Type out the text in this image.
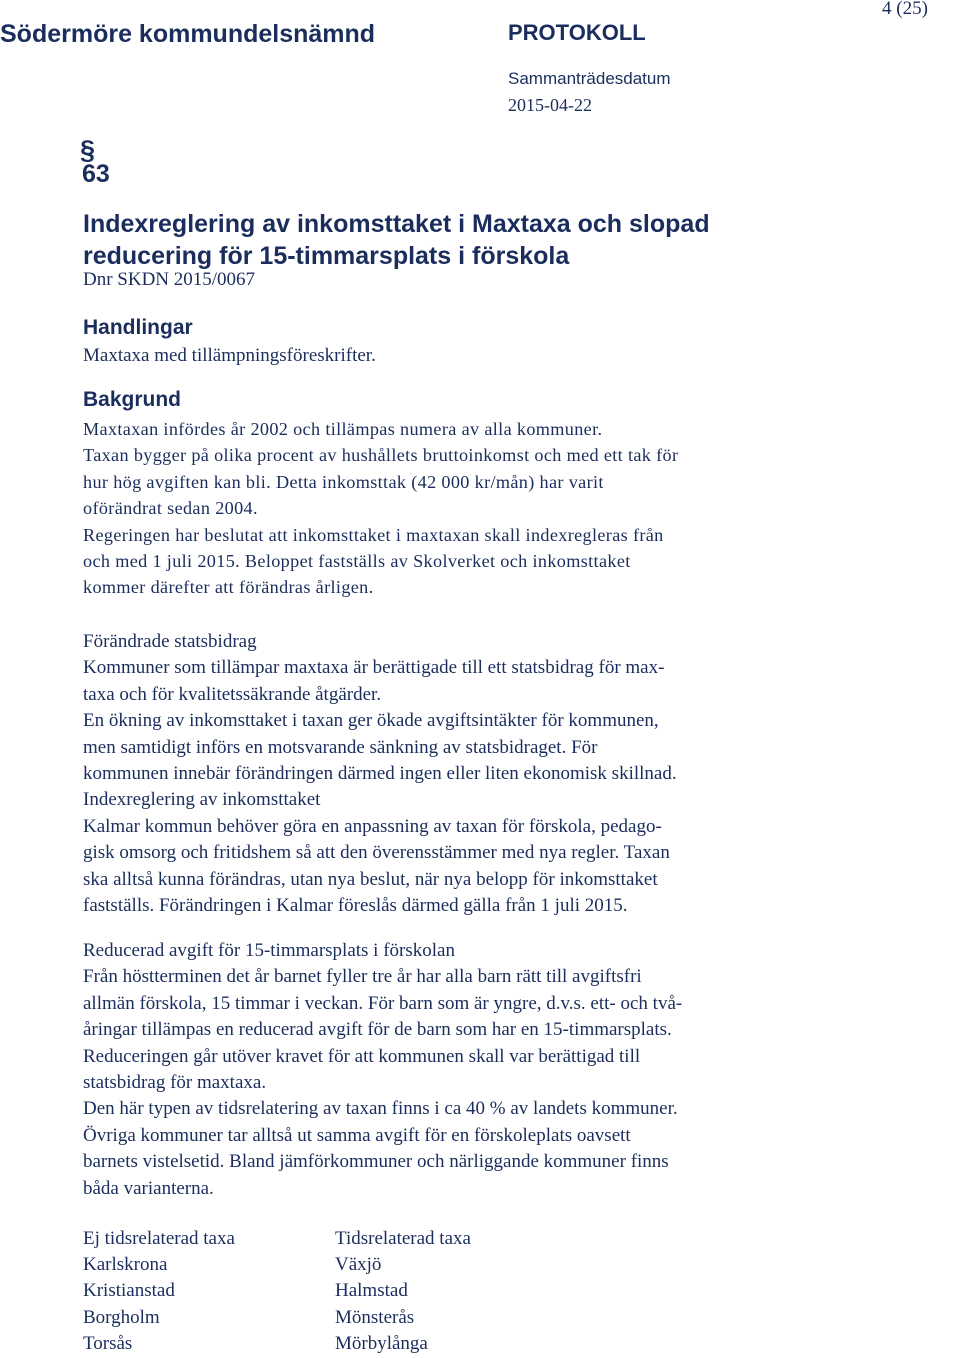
Södermöre kommundelsnämnd	PROTOKOLL
Sammanträdesdatum
2015-04-22
4 (25)
§
63
Indexreglering av inkomsttaket i Maxtaxa och slopad
reducering för 15-timmarsplats i förskola
Dnr SKDN 2015/0067
Handlingar
Maxtaxa med tillämpningsföreskrifter.
Bakgrund
Maxtaxan infördes år 2002 och tillämpas numera av alla kommuner.
Taxan bygger på olika procent av hushållets bruttoinkomst och med ett tak för
hur hög avgiften kan bli. Detta inkomsttak (42 000 kr/mån) har varit
oförändrat sedan 2004.
Regeringen har beslutat att inkomsttaket i maxtaxan skall indexregleras från
och med 1 juli 2015. Beloppet fastställs av Skolverket och inkomsttaket
kommer därefter att förändras årligen.
Förändrade statsbidrag
Kommuner som tillämpar maxtaxa är berättigade till ett statsbidrag för max-
taxa och för kvalitetssäkrande åtgärder.
En ökning av inkomsttaket i taxan ger ökade avgiftsintäkter för kommunen,
men samtidigt införs en motsvarande sänkning av statsbidraget. För
kommunen innebär förändringen därmed ingen eller liten ekonomisk skillnad.
Indexreglering av inkomsttaket
Kalmar kommun behöver göra en anpassning av taxan för förskola, pedago-
gisk omsorg och fritidshem så att den överensstämmer med nya regler. Taxan
ska alltså kunna förändras, utan nya beslut, när nya belopp för inkomsttaket
fastställs. Förändringen i Kalmar föreslås därmed gälla från 1 juli 2015.
Reducerad avgift för 15-timmarsplats i förskolan
Från höstterminen det år barnet fyller tre år har alla barn rätt till avgiftsfri
allmän förskola, 15 timmar i veckan. För barn som är yngre, d.v.s. ett- och två-
åringar tillämpas en reducerad avgift för de barn som har en 15-timmarsplats.
Reduceringen går utöver kravet för att kommunen skall var berättigad till
statsbidrag för maxtaxa.
Den här typen av tidsrelatering av taxan finns i ca 40 % av landets kommuner.
Övriga kommuner tar alltså ut samma avgift för en förskoleplats oavsett
barnets vistelsetid. Bland jämförkommuner och närliggande kommuner finns
båda varianterna.
Ej tidsrelaterad taxa
Karlskrona
Kristianstad
Borgholm
Torsås
Tidsrelaterad taxa
Växjö
Halmstad
Mönsterås
Mörbylånga
